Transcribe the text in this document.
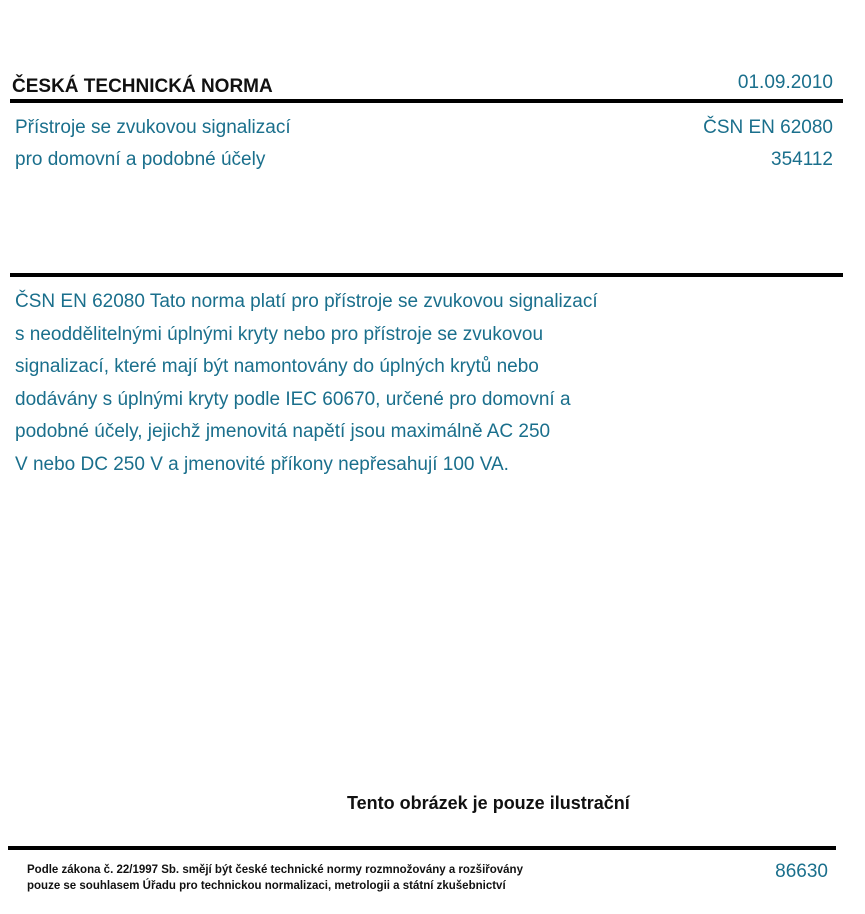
ČESKÁ TECHNICKÁ NORMA	01.09.2010
Přístroje se zvukovou signalizací
pro domovní a podobné účely
ČSN EN 62080
354112
ČSN EN 62080 Tato norma platí pro přístroje se zvukovou signalizací
s neoddělitelnými úplnými kryty nebo pro přístroje se zvukovou
signalizací, které mají být namontovány do úplných krytů nebo
dodávány s úplnými kryty podle IEC 60670, určené pro domovní a
podobné účely, jejichž jmenovitá napětí jsou maximálně AC 250
V nebo DC 250 V a jmenovité příkony nepřesahují 100 VA.
Tento obrázek je pouze ilustrační
Podle zákona č. 22/1997 Sb. smějí být české technické normy rozmnožovány a rozšiřovány
pouze se souhlasem Úřadu pro technickou normalizaci, metrologii a státní zkušebnictví
86630
